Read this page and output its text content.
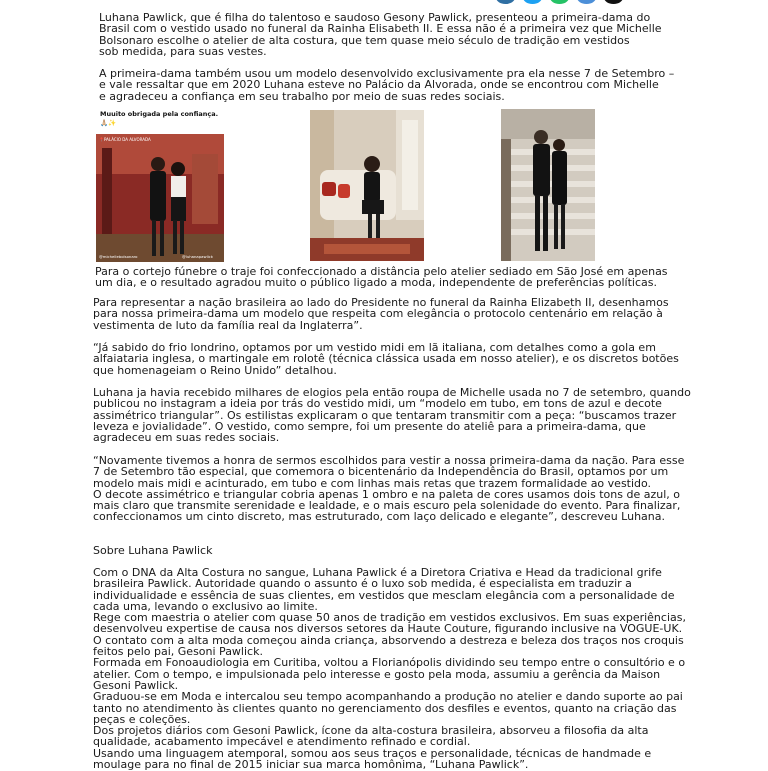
Luhana Pawlick, que é filha do talentoso e saudoso Gesony Pawlick, presenteou a primeira-dama do
Brasil com o vestido usado no funeral da Rainha Elisabeth II. E essa não é a primeira vez que Michelle
Bolsonaro escolhe o atelier de alta costura, que tem quase meio século de tradição em vestidos
sob medida, para suas vestes.

A primeira-dama também usou um modelo desenvolvido exclusivamente pra ela nesse 7 de Setembro –
e vale ressaltar que em 2020 Luhana esteve no Palácio da Alvorada, onde se encontrou com Michelle
e agradeceu a confiança em seu trabalho por meio de suas redes sociais.

Muuito obrigada pela confiança. 🙏🏼✨
📍PALÁCIO DA ALVORADA
@michellebolsonaro	@luhanapawlick

Para o cortejo fúnebre o traje foi confeccionado a distância pelo atelier sediado em São José em apenas
um dia, e o resultado agradou muito o público ligado a moda, independente de preferências políticas.

Para representar a nação brasileira ao lado do Presidente no funeral da Rainha Elizabeth II, desenhamos
para nossa primeira-dama um modelo que respeita com elegância o protocolo centenário em relação à
vestimenta de luto da família real da Inglaterra”.

“Já sabido do frio londrino, optamos por um vestido midi em lã italiana, com detalhes como a gola em
alfaiataria inglesa, o martingale em rolotê (técnica clássica usada em nosso atelier), e os discretos botões
que homenageiam o Reino Unido” detalhou.

Luhana ja havia recebido milhares de elogios pela então roupa de Michelle usada no 7 de setembro, quando
publicou no instagram a ideia por trás do vestido midi, um “modelo em tubo, em tons de azul e decote
assimétrico triangular”. Os estilistas explicaram o que tentaram transmitir com a peça: “buscamos trazer
leveza e jovialidade”. O vestido, como sempre, foi um presente do ateliê para a primeira-dama, que
agradeceu em suas redes sociais.

“Novamente tivemos a honra de sermos escolhidos para vestir a nossa primeira-dama da nação. Para esse
7 de Setembro tão especial, que comemora o bicentenário da Independência do Brasil, optamos por um
modelo mais midi e acinturado, em tubo e com linhas mais retas que trazem formalidade ao vestido.
O decote assimétrico e triangular cobria apenas 1 ombro e na paleta de cores usamos dois tons de azul, o
mais claro que transmite serenidade e lealdade, e o mais escuro pela solenidade do evento. Para finalizar,
confeccionamos um cinto discreto, mas estruturado, com laço delicado e elegante”, descreveu Luhana.

Sobre Luhana Pawlick

Com o DNA da Alta Costura no sangue, Luhana Pawlick é a Diretora Criativa e Head da tradicional grife
brasileira Pawlick. Autoridade quando o assunto é o luxo sob medida, é especialista em traduzir a
individualidade e essência de suas clientes, em vestidos que mesclam elegância com a personalidade de
cada uma, levando o exclusivo ao limite.
Rege com maestria o atelier com quase 50 anos de tradição em vestidos exclusivos. Em suas experiências,
desenvolveu expertise de causa nos diversos setores da Haute Couture, figurando inclusive na VOGUE-UK.
O contato com a alta moda começou ainda criança, absorvendo a destreza e beleza dos traços nos croquis
feitos pelo pai, Gesoni Pawlick.
Formada em Fonoaudiologia em Curitiba, voltou a Florianópolis dividindo seu tempo entre o consultório e o
atelier. Com o tempo, e impulsionada pelo interesse e gosto pela moda, assumiu a gerência da Maison
Gesoni Pawlick.
Graduou-se em Moda e intercalou seu tempo acompanhando a produção no atelier e dando suporte ao pai
tanto no atendimento às clientes quanto no gerenciamento dos desfiles e eventos, quanto na criação das
peças e coleções.
Dos projetos diários com Gesoni Pawlick, ícone da alta-costura brasileira, absorveu a filosofia da alta
qualidade, acabamento impecável e atendimento refinado e cordial.
Usando uma linguagem atemporal, somou aos seus traços e personalidade, técnicas de handmade e
moulage para no final de 2015 iniciar sua marca homônima, “Luhana Pawlick”.
